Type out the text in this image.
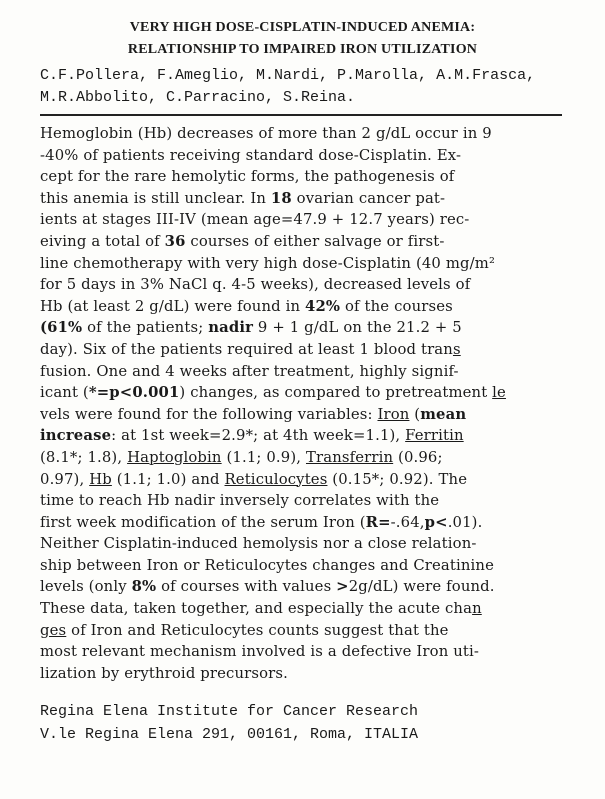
VERY HIGH DOSE-CISPLATIN-INDUCED ANEMIA:
RELATIONSHIP TO IMPAIRED IRON UTILIZATION
C.F.Pollera, F.Ameglio, M.Nardi, P.Marolla, A.M.Frasca,
M.R.Abbolito, C.Parracino, S.Reina.
Hemoglobin (Hb) decreases of more than 2 g/dL occur in 9
-40% of patients receiving standard dose-Cisplatin. Ex-
cept for the rare hemolytic forms, the pathogenesis of
this anemia is still unclear. In 18 ovarian cancer pat-
ients at stages III-IV (mean age=47.9 + 12.7 years) rec-
eiving a total of 36 courses of either salvage or first-
line chemotherapy with very high dose-Cisplatin (40 mg/m²
for 5 days in 3% NaCl q. 4-5 weeks), decreased levels of
Hb (at least 2 g/dL) were found in 42% of the courses
(61% of the patients; nadir 9 + 1 g/dL on the 21.2 + 5
day). Six of the patients required at least 1 blood trans
fusion. One and 4 weeks after treatment, highly signif-
icant (*=p<0.001) changes, as compared to pretreatment le
vels were found for the following variables: Iron (mean
increase: at 1st week=2.9*; at 4th week=1.1), Ferritin
(8.1*; 1.8), Haptoglobin (1.1; 0.9), Transferrin (0.96;
0.97), Hb (1.1; 1.0) and Reticulocytes (0.15*; 0.92). The
time to reach Hb nadir inversely correlates with the
first week modification of the serum Iron (R=-.64,p<.01).
Neither Cisplatin-induced hemolysis nor a close relation-
ship between Iron or Reticulocytes changes and Creatinine
levels (only 8% of courses with values >2g/dL) were found.
These data, taken together, and especially the acute chan
ges of Iron and Reticulocytes counts suggest that the
most relevant mechanism involved is a defective Iron uti-
lization by erythroid precursors.
Regina Elena Institute for Cancer Research
V.le Regina Elena 291, 00161, Roma, ITALIA
